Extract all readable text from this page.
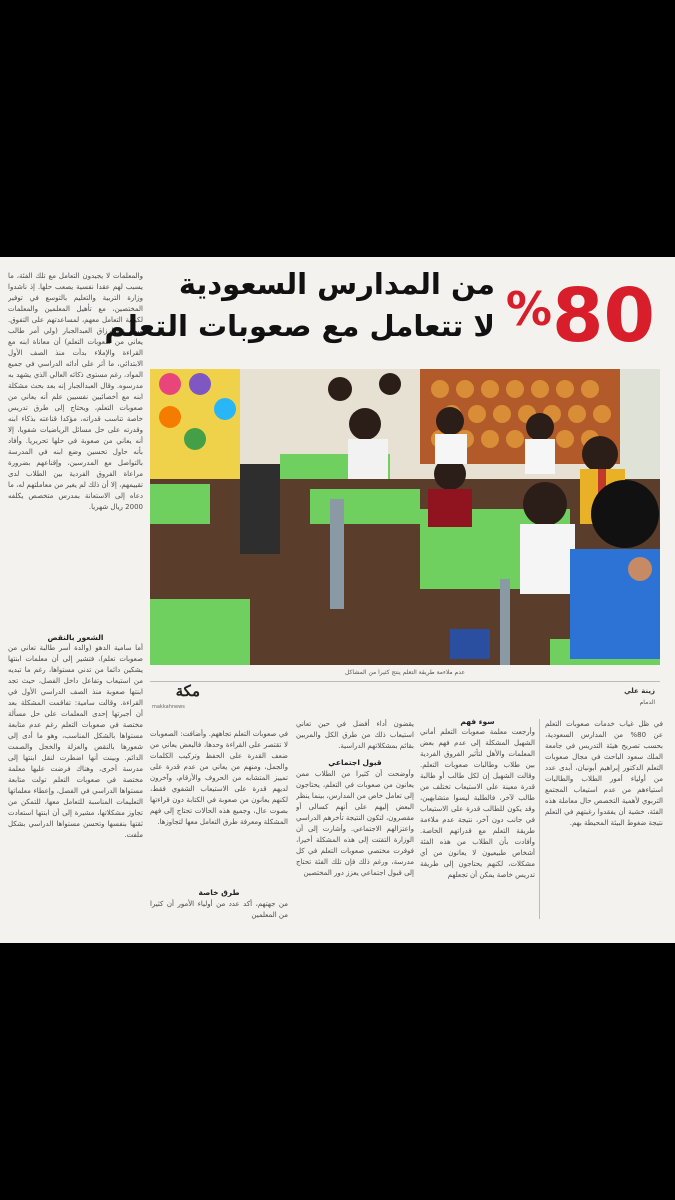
والمعلمات لا يجيدون التعامل مع تلك الفئة، ما يسبب لهم عقدا نفسية يصعب حلها. إذ ناشدوا وزارة التربية والتعليم بالتوسع في توفير المختصين، مع تأهيل المعلمين والمعلمات لكيفية التعامل معهم، لمساعدتهم على التفوق. وبين عبدالرزاق العبدالجبار (ولي أمر طالب يعاني من صعوبات التعلم) أن معاناة ابنه مع القراءة والإملاء بدأت منذ الصف الأول الابتدائي، ما أثر على أدائه الدراسي في جميع المواد، رغم مستوى ذكائه العالي الذي يشهد به مدرسوه. وقال العبدالجبار إنه بعد بحث مشكلة ابنه مع أخصائيين نفسيين علم أنه يعاني من صعوبات التعلم، ويحتاج إلى طرق تدريس خاصة تناسب قدراته، مؤكدا قناعته بذكاء ابنه وقدرته على حل مسائل الرياضيات شفويا، إلا أنه يعاني من صعوبة في حلها تحريريا. وأفاد بأنه حاول تحسين وضع ابنه في المدرسة بالتواصل مع المدرسين، وإقناعهم بضرورة مراعاة الفروق الفردية بين الطلاب لدى تقييمهم، إلا أن ذلك لم يغير من معاملتهم له، ما دعاه إلى الاستعانة بمدرس متخصص يكلفه 2000 ريال شهريا.

الشعور بالنقص

أما سامية الدهو (والدة أسر طالبة تعاني من صعوبات تعلم)، فتشير إلى أن معلمات ابنتها يشكين دائما من تدني مستواها، رغم ما تبديه من استيعاب وتفاعل داخل الفصل، حيث تجد ابنتها صعوبة منذ الصف الدراسي الأول في القراءة. وقالت سامية: تفاقمت المشكلة بعد أن أجبرتها إحدى المعلمات على حل مسألة مختصة في صعوبات التعلم رغم عدم متابعة مستواها بالشكل المناسب، وهو ما أدى إلى شعورها بالنقص والعزلة والخجل والصمت الدائم. وبينت أنها اضطرت لنقل ابنتها إلى مدرسة أخرى، وهناك فرضت عليها معلمة مختصة في صعوبات التعلم تولت متابعة مستواها الدراسي في الفصل، وإعطاء معلماتها التعليمات المناسبة للتعامل معها، للتمكن من تجاوز مشكلاتها، مشيرة إلى أن ابنتها استعادت ثقتها بنفسها وتحسن مستواها الدراسي بشكل ملفت.

%80
من المدارس السعودية
لا تتعامل مع صعوبات التعلم
عدم ملاءمة طريقة التعلم ينتج كثيرا من المشاكل
مكة
makkahnews
زينة علي
الدمام

في ظل غياب خدمات صعوبات التعلم عن 80% من المدارس السعودية، بحسب تصريح هيئة التدريس في جامعة الملك سعود الباحث في مجال صعوبات التعلم الدكتور إبراهيم أبونيان، أبدى عدد من أولياء أمور الطلاب والطالبات استياءهم من عدم استيعاب المجتمع التربوي لأهمية التخصص حال معاملة هذه الفئة، خشية أن يفقدوا رغبتهم في التعلم نتيجة ضغوط البيئة المحيطة بهم.

سوء فهم

وأرجعت معلمة صعوبات التعلم أماني الشهيل المشكلة إلى عدم فهم بعض المعلمات والأهل لتأثير الفروق الفردية بين طلاب وطالبات صعوبات التعلم. وقالت الشهيل إن لكل طالب أو طالبة قدرة معينة على الاستيعاب تختلف من طالب لآخر، فالطلبة ليسوا متشابهين، وقد يكون للطالب قدرة على الاستيعاب في جانب دون آخر، نتيجة عدم ملاءمة طريقة التعلم مع قدراتهم الخاصة. وأفادت بأن الطلاب من هذه الفئة أشخاص طبيعيون لا يعانون من أي مشكلات، لكنهم يحتاجون إلى طريقة تدريس خاصة يمكن أن تجعلهم

يقضون أداء أفضل في حين تعاني استيعاب ذلك من طرق الكل والمربين بقائم بمشكلاتهم الدراسية.

قبول اجتماعي

وأوضحت أن كثيرا من الطلاب ممن يعانون من صعوبات في التعلم، يحتاجون إلى تعامل خاص من المدارس، بينما ينظر البعض إليهم على أنهم كسالى أو مقصرون، لتكون النتيجة تأخرهم الدراسي واعتزالهم الاجتماعي. وأشارت إلى أن الوزارة التفتت إلى هذه المشكلة أخيرا، فوفرت مختصي صعوبات التعلم في كل مدرسة، ورغم ذلك فإن تلك الفئة تحتاج إلى قبول اجتماعي يعزز دور المختصين

في صعوبات التعلم تجاههم. وأضافت: الصعوبات لا تقتصر على القراءة وحدها، فالبعض يعاني من ضعف القدرة على الحفظ وتركيب الكلمات والجمل، ومنهم من يعاني من عدم قدرة على تمييز المتشابه من الحروف والأرقام، وآخرون لديهم قدرة على الاستيعاب الشفوي فقط، لكنهم يعانون من صعوبة في الكتابة دون قراءتها بصوت عال، وجميع هذه الحالات تحتاج إلى فهم المشكلة ومعرفة طرق التعامل معها لتجاوزها.

طرق خاصة

من جهتهم، أكد عدد من أولياء الأمور أن كثيرا من المعلمين
